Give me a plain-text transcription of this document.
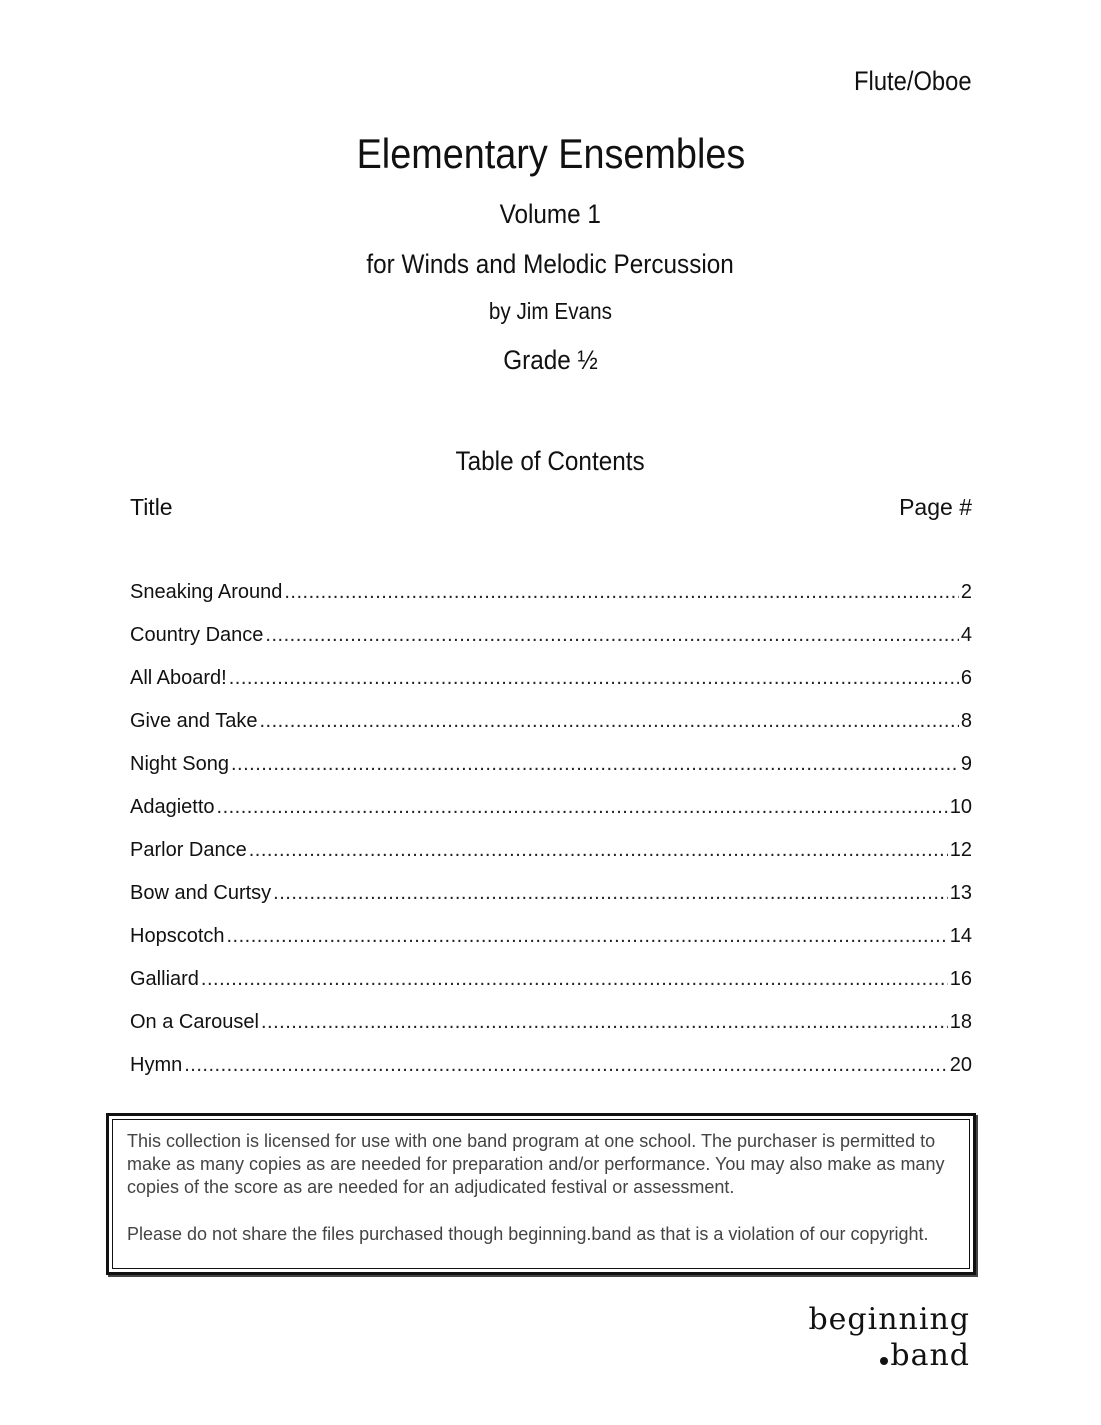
Flute/Oboe
Elementary Ensembles
Volume 1
for Winds and Melodic Percussion
by Jim Evans
Grade ½
Table of Contents
Title	Page #
Sneaking Around .....	2
Country Dance .....	4
All Aboard! .....	6
Give and Take .....	8
Night Song .....	9
Adagietto .....	10
Parlor Dance .....	12
Bow and Curtsy .....	13
Hopscotch .....	14
Galliard .....	16
On a Carousel .....	18
Hymn .....	20

This collection is licensed for use with one band program at one school. The purchaser is permitted to make as many copies as are needed for preparation and/or performance. You may also make as many copies of the score as are needed for an adjudicated festival or assessment.

Please do not share the files purchased though beginning.band as that is a violation of our copyright.

beginning
band
